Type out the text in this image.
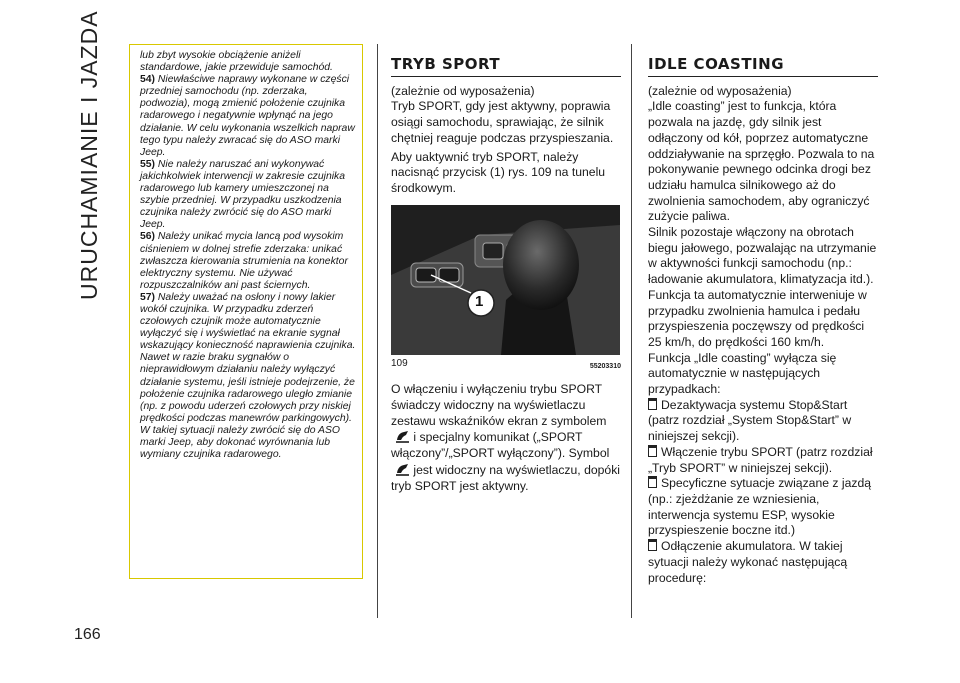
URUCHAMIANIE I JAZDA
166

lub zbyt wysokie obciążenie aniżeli standardowe, jakie przewiduje samochód.

54) Niewłaściwe naprawy wykonane w części przedniej samochodu (np. zderzaka, podwozia), mogą zmienić położenie czujnika radarowego i negatywnie wpłynąć na jego działanie. W celu wykonania wszelkich napraw tego typu należy zwracać się do ASO marki Jeep.

55) Nie należy naruszać ani wykonywać jakichkolwiek interwencji w zakresie czujnika radarowego lub kamery umieszczonej na szybie przedniej. W przypadku uszkodzenia czujnika należy zwrócić się do ASO marki Jeep.

56) Należy unikać mycia lancą pod wysokim ciśnieniem w dolnej strefie zderzaka: unikać zwłaszcza kierowania strumienia na konektor elektryczny systemu. Nie używać rozpuszczalników ani past ściernych.

57) Należy uważać na osłony i nowy lakier wokół czujnika. W przypadku zderzeń czołowych czujnik może automatycznie wyłączyć się i wyświetlać na ekranie sygnał wskazujący konieczność naprawienia czujnika. Nawet w razie braku sygnałów o nieprawidłowym działaniu należy wyłączyć działanie systemu, jeśli istnieje podejrzenie, że położenie czujnika radarowego uległo zmianie (np. z powodu uderzeń czołowych przy niskiej prędkości podczas manewrów parkingowych). W takiej sytuacji należy zwrócić się do ASO marki Jeep, aby dokonać wyrównania lub wymiany czujnika radarowego.

TRYB SPORT

(zależnie od wyposażenia)

Tryb SPORT, gdy jest aktywny, poprawia osiągi samochodu, sprawiając, że silnik chętniej reaguje podczas przyspieszania.

Aby uaktywnić tryb SPORT, należy nacisnąć przycisk (1) rys. 109 na tunelu środkowym.

1
109	55203310

O włączeniu i wyłączeniu trybu SPORT świadczy widoczny na wyświetlaczu zestawu wskaźników ekran z symbolem  i specjalny komunikat („SPORT włączony”/„SPORT wyłączony”). Symbol  jest widoczny na wyświetlaczu, dopóki tryb SPORT jest aktywny.

IDLE COASTING

(zależnie od wyposażenia)

„Idle coasting” jest to funkcja, która pozwala na jazdę, gdy silnik jest odłączony od kół, poprzez automatyczne oddziaływanie na sprzęgło. Pozwala to na pokonywanie pewnego odcinka drogi bez udziału hamulca silnikowego aż do zwolnienia samochodem, aby ograniczyć zużycie paliwa.

Silnik pozostaje włączony na obrotach biegu jałowego, pozwalając na utrzymanie w aktywności funkcji samochodu (np.: ładowanie akumulatora, klimatyzacja itd.).

Funkcja ta automatycznie interweniuje w przypadku zwolnienia hamulca i pedału przyspieszenia poczęwszy od prędkości 25 km/h, do prędkości 160 km/h.

Funkcja „Idle coasting” wyłącza się automatycznie w następujących przypadkach:

Dezaktywacja systemu Stop&Start (patrz rozdział „System Stop&Start” w niniejszej sekcji).

Włączenie trybu SPORT (patrz rozdział „Tryb SPORT” w niniejszej sekcji).

Specyficzne sytuacje związane z jazdą (np.: zjeżdżanie ze wzniesienia, interwencja systemu ESP, wysokie przyspieszenie boczne itd.)

Odłączenie akumulatora. W takiej sytuacji należy wykonać następującą procedurę:
